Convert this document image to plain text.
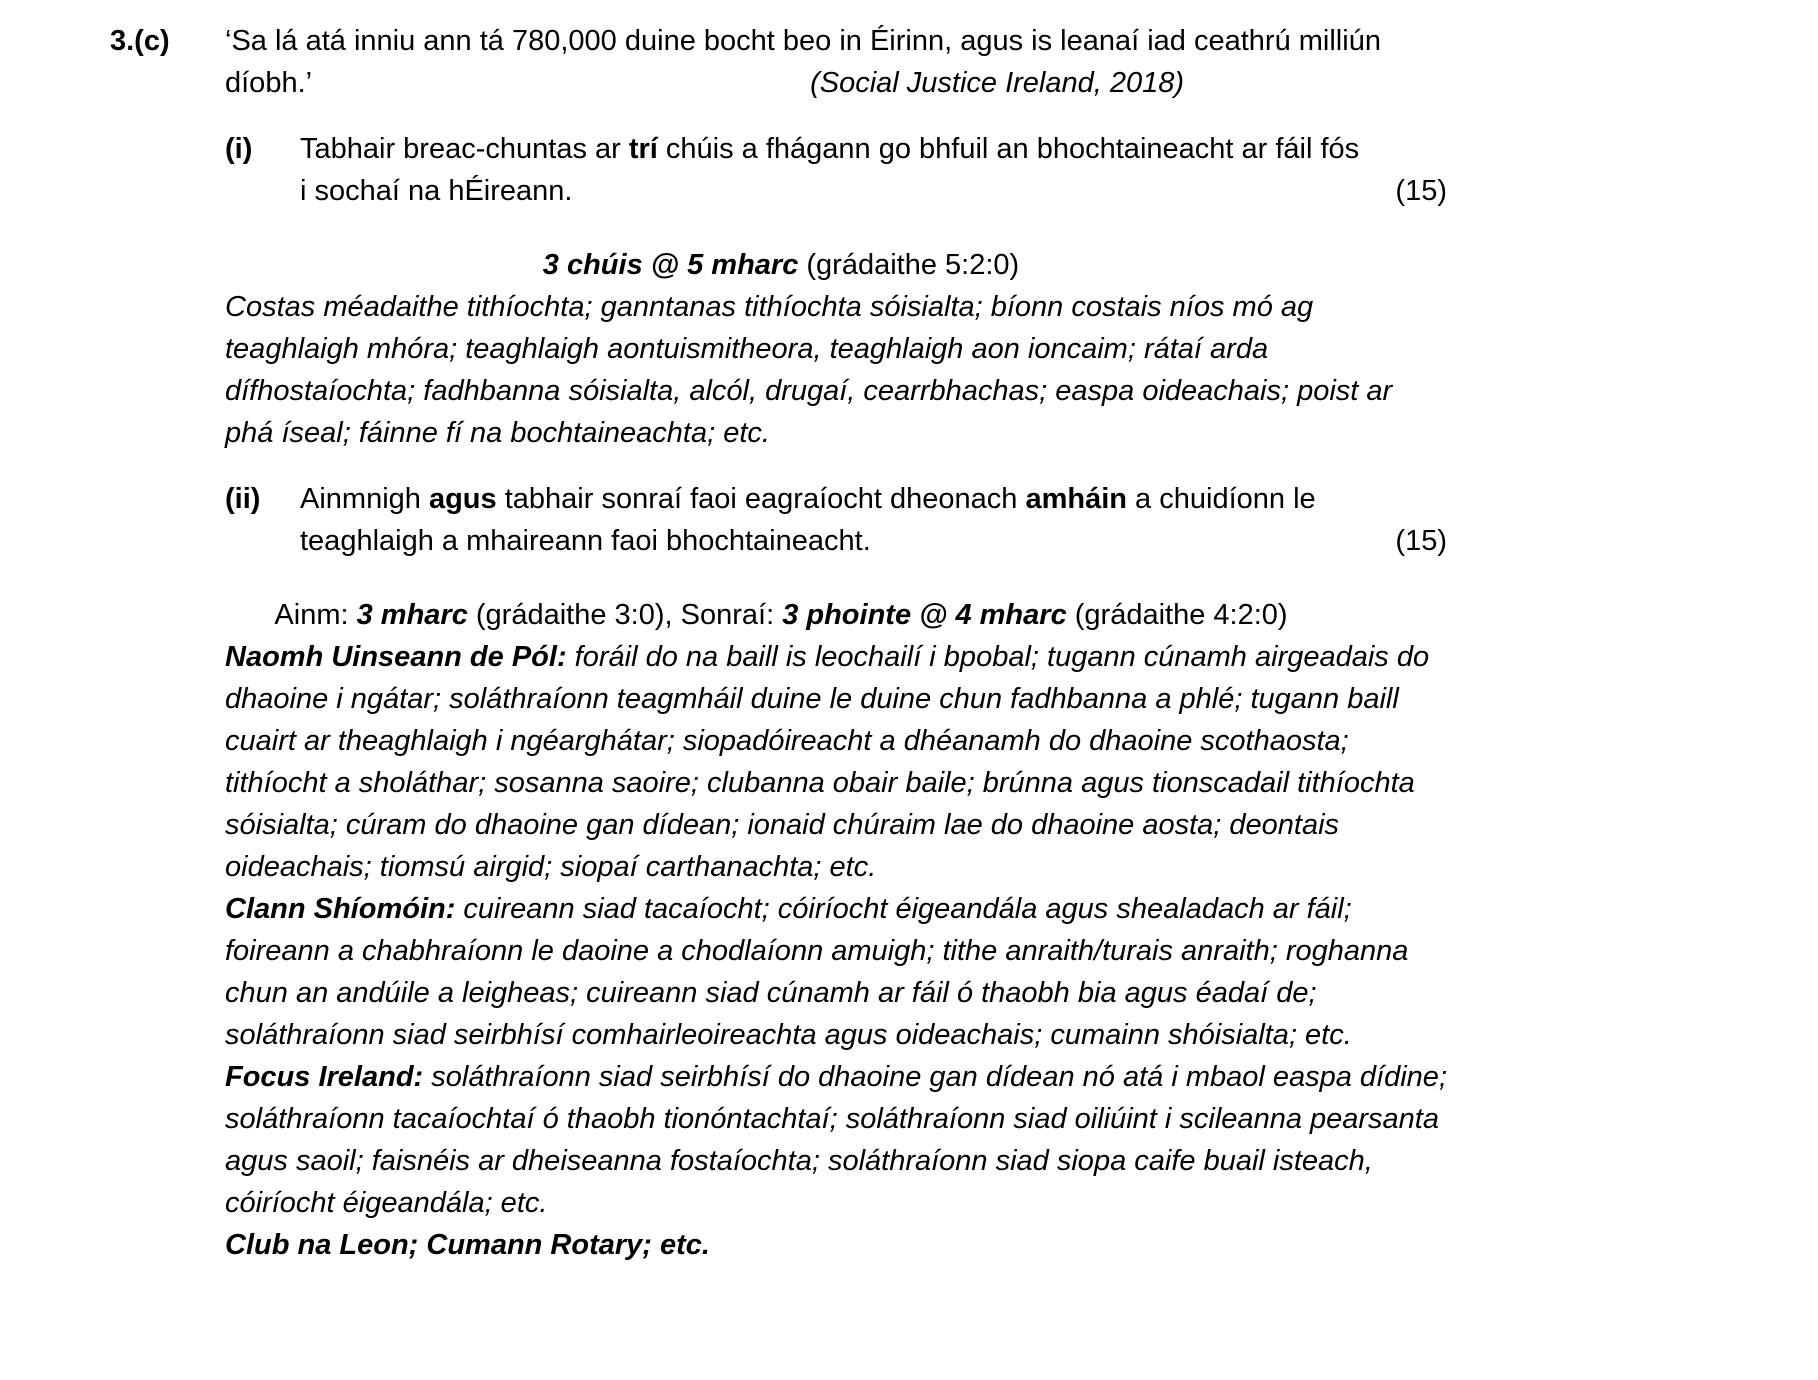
3.(c)	‘Sa lá atá inniu ann tá 780,000 duine bocht beo in Éirinn, agus is leanaí iad ceathrú milliún
díobh.’	(Social Justice Ireland, 2018)
(i)	Tabhair breac-chuntas ar trí chúis a fhágann go bhfuil an bhochtaineacht ar fáil fós i sochaí na hÉireann.	(15)
3 chúis @ 5 mharc (grádaithe 5:2:0)

Costas méadaithe tithíochta; ganntanas tithíochta sóisialta; bíonn costais níos mó ag teaghlaigh mhóra; teaghlaigh aontuismitheora, teaghlaigh aon ioncaim; rátaí arda dífhostaíochta; fadhbanna sóisialta, alcól, drugaí, cearrbhachas; easpa oideachais; poist ar phá íseal; fáinne fí na bochtaineachta; etc.

(ii)	Ainmnigh agus tabhair sonraí faoi eagraíocht dheonach amháin a chuidíonn le teaghlaigh a mhaireann faoi bhochtaineacht.	(15)
Ainm: 3 mharc (grádaithe 3:0), Sonraí: 3 phointe @ 4 mharc (grádaithe 4:2:0)

Naomh Uinseann de Pól: foráil do na baill is leochailí i bpobal; tugann cúnamh airgeadais do dhaoine i ngátar; soláthraíonn teagmháil duine le duine chun fadhbanna a phlé; tugann baill cuairt ar theaghlaigh i ngéarghátar; siopadóireacht a dhéanamh do dhaoine scothaosta; tithíocht a sholáthar; sosanna saoire; clubanna obair baile; brúnna agus tionscadail tithíochta sóisialta; cúram do dhaoine gan dídean; ionaid chúraim lae do dhaoine aosta; deontais oideachais; tiomsú airgid; siopaí carthanachta; etc.

Clann Shíomóin: cuireann siad tacaíocht; cóiríocht éigeandála agus shealadach ar fáil; foireann a chabhraíonn le daoine a chodlaíonn amuigh; tithe anraith/turais anraith; roghanna chun an andúile a leigheas; cuireann siad cúnamh ar fáil ó thaobh bia agus éadaí de; soláthraíonn siad seirbhísí comhairleoireachta agus oideachais; cumainn shóisialta; etc.

Focus Ireland: soláthraíonn siad seirbhísí do dhaoine gan dídean nó atá i mbaol easpa dídine; soláthraíonn tacaíochtaí ó thaobh tionóntachtaí; soláthraíonn siad oiliúint i scileanna pearsanta agus saoil; faisnéis ar dheiseanna fostaíochta; soláthraíonn siad siopa caife buail isteach, cóiríocht éigeandála; etc.

Club na Leon; Cumann Rotary; etc.
